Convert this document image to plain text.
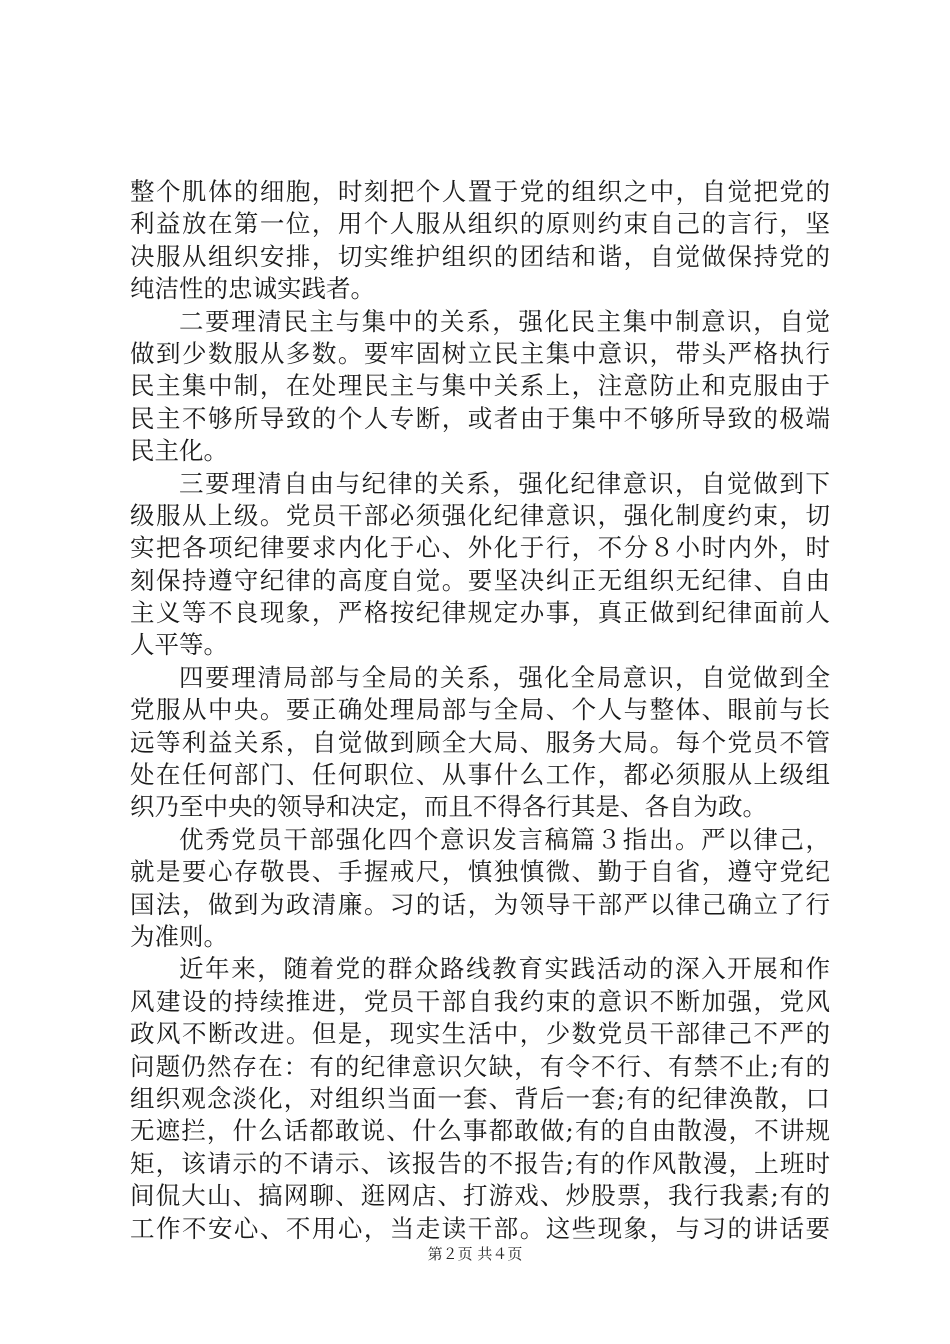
整个肌体的细胞，时刻把个人置于党的组织之中，自觉把党的
利益放在第一位，用个人服从组织的原则约束自己的言行，坚
决服从组织安排，切实维护组织的团结和谐，自觉做保持党的
纯洁性的忠诚实践者。
二要理清民主与集中的关系，强化民主集中制意识，自觉
做到少数服从多数。要牢固树立民主集中意识，带头严格执行
民主集中制，在处理民主与集中关系上，注意防止和克服由于
民主不够所导致的个人专断，或者由于集中不够所导致的极端
民主化。
三要理清自由与纪律的关系，强化纪律意识，自觉做到下
级服从上级。党员干部必须强化纪律意识，强化制度约束，切
实把各项纪律要求内化于心、外化于行，不分８小时内外，时
刻保持遵守纪律的高度自觉。要坚决纠正无组织无纪律、自由
主义等不良现象，严格按纪律规定办事，真正做到纪律面前人
人平等。
四要理清局部与全局的关系，强化全局意识，自觉做到全
党服从中央。要正确处理局部与全局、个人与整体、眼前与长
远等利益关系，自觉做到顾全大局、服务大局。每个党员不管
处在任何部门、任何职位、从事什么工作，都必须服从上级组
织乃至中央的领导和决定，而且不得各行其是、各自为政。
优秀党员干部强化四个意识发言稿篇３指出。严以律己，
就是要心存敬畏、手握戒尺，慎独慎微、勤于自省，遵守党纪
国法，做到为政清廉。习的话，为领导干部严以律己确立了行
为准则。
近年来，随着党的群众路线教育实践活动的深入开展和作
风建设的持续推进，党员干部自我约束的意识不断加强，党风
政风不断改进。但是，现实生活中，少数党员干部律己不严的
问题仍然存在：有的纪律意识欠缺，有令不行、有禁不止;有的
组织观念淡化，对组织当面一套、背后一套;有的纪律涣散，口
无遮拦，什么话都敢说、什么事都敢做;有的自由散漫，不讲规
矩，该请示的不请示、该报告的不报告;有的作风散漫，上班时
间侃大山、搞网聊、逛网店、打游戏、炒股票，我行我素;有的
工作不安心、不用心，当走读干部。这些现象，与习的讲话要
第２页 共４页
